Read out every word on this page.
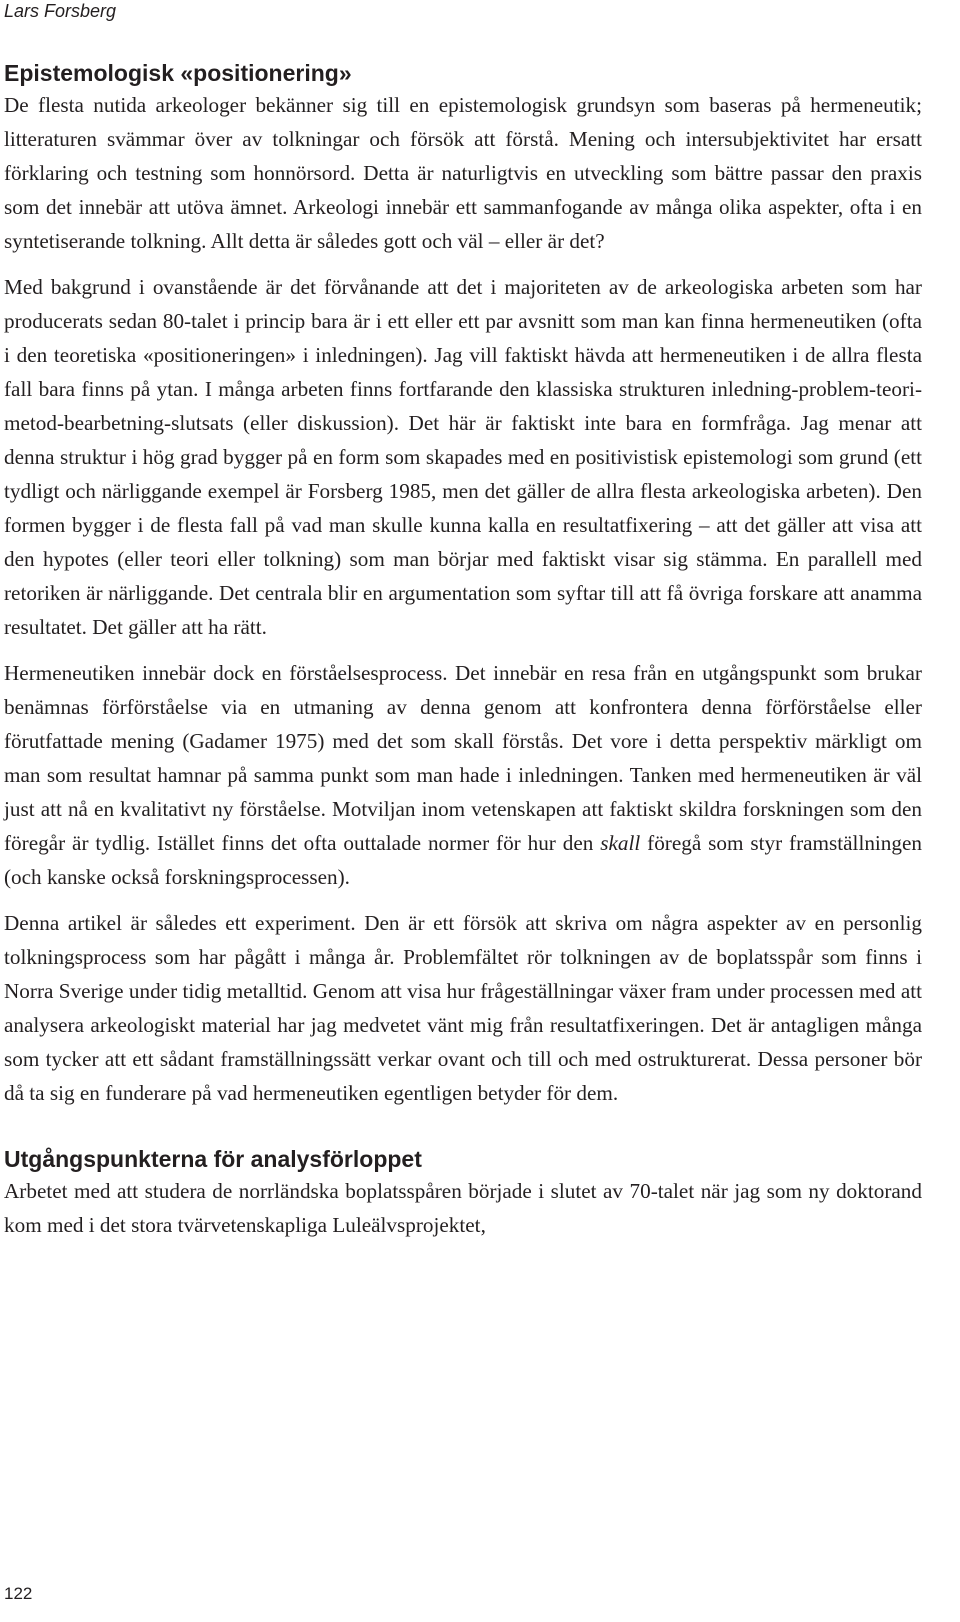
Lars Forsberg
Epistemologisk «positionering»

De flesta nutida arkeologer bekänner sig till en epistemologisk grundsyn som baseras på hermeneutik; litteraturen svämmar över av tolkningar och försök att förstå. Mening och intersubjektivitet har ersatt förklaring och testning som honnörsord. Detta är naturligtvis en utveckling som bättre passar den praxis som det innebär att utöva ämnet. Arkeologi innebär ett sammanfogande av många olika aspekter, ofta i en syntetiserande tolkning. Allt detta är således gott och väl – eller är det?

Med bakgrund i ovanstående är det förvånande att det i majoriteten av de arkeologiska arbeten som har producerats sedan 80-talet i princip bara är i ett eller ett par avsnitt som man kan finna hermeneutiken (ofta i den teoretiska «positioneringen» i inledningen). Jag vill faktiskt hävda att hermeneutiken i de allra flesta fall bara finns på ytan. I många arbeten finns fortfarande den klassiska strukturen inledning-problem-teori-metod-bearbetning-slutsats (eller diskussion). Det här är faktiskt inte bara en formfråga. Jag menar att denna struktur i hög grad bygger på en form som skapades med en positivistisk epistemologi som grund (ett tydligt och närliggande exempel är Forsberg 1985, men det gäller de allra flesta arkeologiska arbeten). Den formen bygger i de flesta fall på vad man skulle kunna kalla en resultatfixering – att det gäller att visa att den hypotes (eller teori eller tolkning) som man börjar med faktiskt visar sig stämma. En parallell med retoriken är närliggande. Det centrala blir en argumentation som syftar till att få övriga forskare att anamma resultatet. Det gäller att ha rätt.

Hermeneutiken innebär dock en förståelsesprocess. Det innebär en resa från en utgångspunkt som brukar benämnas förförståelse via en utmaning av denna genom att konfrontera denna förförståelse eller förutfattade mening (Gadamer 1975) med det som skall förstås. Det vore i detta perspektiv märkligt om man som resultat hamnar på samma punkt som man hade i inledningen. Tanken med hermeneutiken är väl just att nå en kvalitativt ny förståelse. Motviljan inom vetenskapen att faktiskt skildra forskningen som den föregår är tydlig. Istället finns det ofta outtalade normer för hur den skall föregå som styr framställningen (och kanske också forskningsprocessen).

Denna artikel är således ett experiment. Den är ett försök att skriva om några aspekter av en personlig tolkningsprocess som har pågått i många år. Problemfältet rör tolkningen av de boplatsspår som finns i Norra Sverige under tidig metalltid. Genom att visa hur frågeställningar växer fram under processen med att analysera arkeologiskt material har jag medvetet vänt mig från resultatfixeringen. Det är antagligen många som tycker att ett sådant framställningssätt verkar ovant och till och med ostrukturerat. Dessa personer bör då ta sig en funderare på vad hermeneutiken egentligen betyder för dem.

Utgångspunkterna för analysförloppet

Arbetet med att studera de norrländska boplatsspåren började i slutet av 70-talet när jag som ny doktorand kom med i det stora tvärvetenskapliga Luleälvsprojektet,

122
